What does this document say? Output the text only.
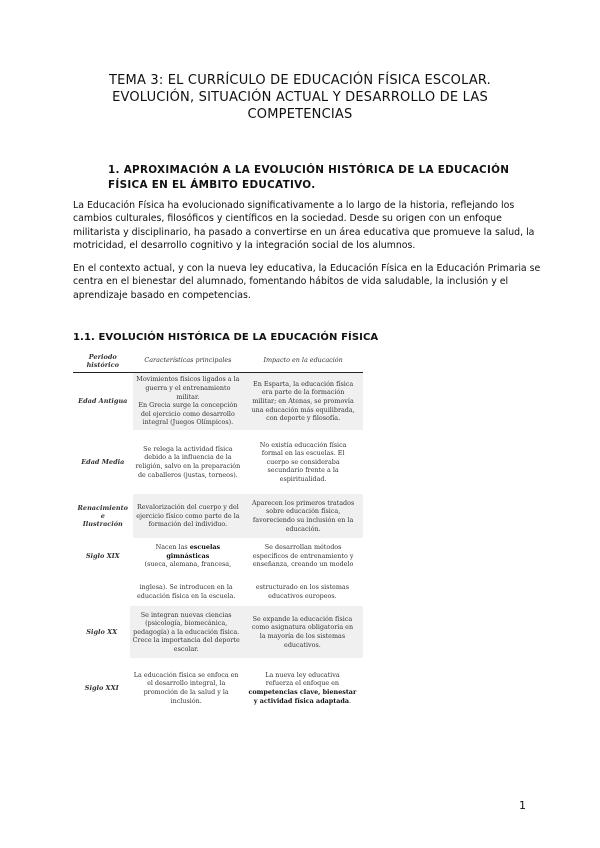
TEMA 3: EL CURRÍCULO DE EDUCACIÓN FÍSICA ESCOLAR.
EVOLUCIÓN, SITUACIÓN ACTUAL Y DESARROLLO DE LAS
COMPETENCIAS
1. APROXIMACIÓN A LA EVOLUCIÓN HISTÓRICA DE LA EDUCACIÓN
FÍSICA EN EL ÁMBITO EDUCATIVO.
La Educación Física ha evolucionado significativamente a lo largo de la historia, reflejando los
cambios culturales, filosóficos y científicos en la sociedad. Desde su origen con un enfoque
militarista y disciplinario, ha pasado a convertirse en un área educativa que promueve la salud, la
motricidad, el desarrollo cognitivo y la integración social de los alumnos.
En el contexto actual, y con la nueva ley educativa, la Educación Física en la Educación Primaria se
centra en el bienestar del alumnado, fomentando hábitos de vida saludable, la inclusión y el
aprendizaje basado en competencias.
1.1. EVOLUCIÓN HISTÓRICA DE LA EDUCACIÓN FÍSICA
Periodo
histórico	Características principales	Impacto en la educación
Edad Antigua	Movimientos físicos ligados a la
guerra y el entrenamiento militar.
En Grecia surge la concepción
del ejercicio como desarrollo
integral (Juegos Olímpicos).	En Esparta, la educación física
era parte de la formación
militar; en Atenas, se promovía
una educación más equilibrada,
con deporte y filosofía.
Edad Media	Se relega la actividad física
debido a la influencia de la
religión, salvo en la preparación
de caballeros (justas, torneos).	No existía educación física
formal en las escuelas. El
cuerpo se consideraba
secundario frente a la
espiritualidad.
Renacimiento e
Ilustración	Revalorización del cuerpo y del
ejercicio físico como parte de la
formación del individuo.	Aparecen los primeros tratados
sobre educación física,
favoreciendo su inclusión en la
educación.
Siglo XIX	Nacen las escuelas gimnásticas
(sueca, alemana, francesa,	Se desarrollan métodos
específicos de entrenamiento y
enseñanza, creando un modelo
	inglesa). Se introducen en la
educación física en la escuela.	estructurado en los sistemas
educativos europeos.
Siglo XX	Se integran nuevas ciencias
(psicología, biomecánica,
pedagogía) a la educación física.
Crece la importancia del deporte
escolar.	Se expande la educación física
como asignatura obligatoria en
la mayoría de los sistemas
educativos.
Siglo XXI	La educación física se enfoca en
el desarrollo integral, la
promoción de la salud y la
inclusión.	La nueva ley educativa
refuerza el enfoque en
competencias clave, bienestar
y actividad física adaptada.
1
